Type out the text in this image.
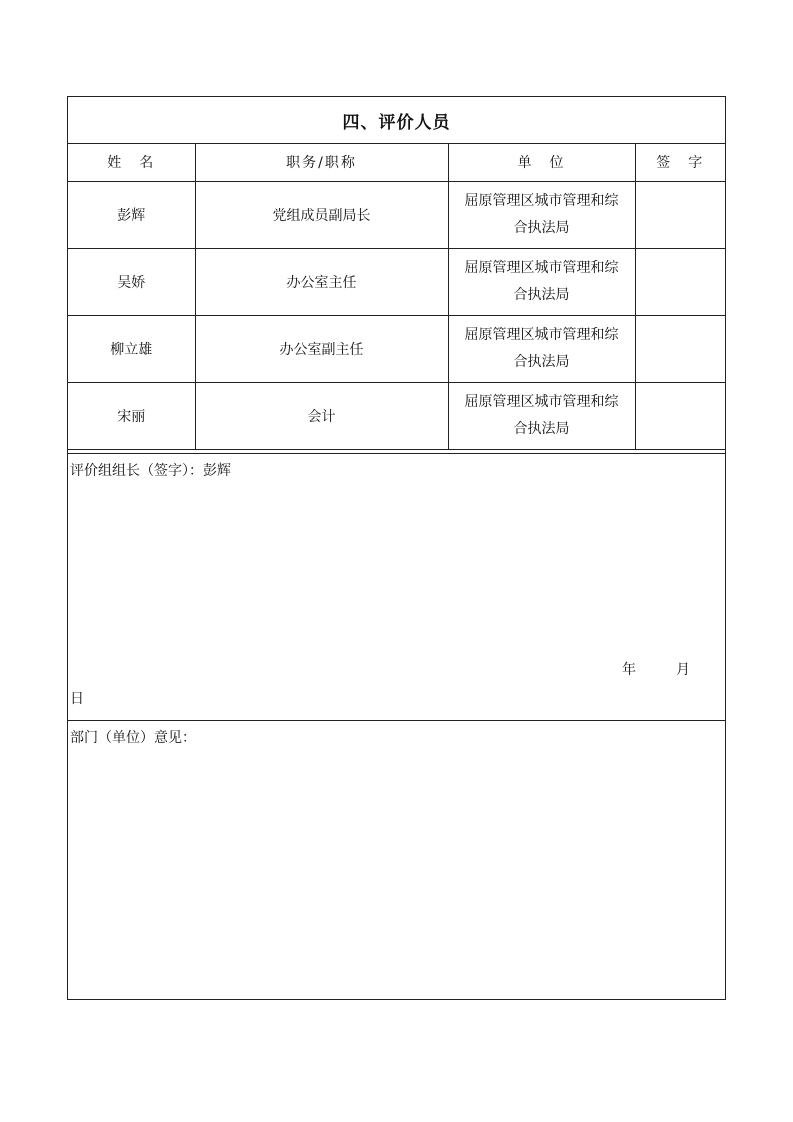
四、评价人员
姓　名	职务/职称	单　位	签　字
彭辉	党组成员副局长	屈原管理区城市管理和综
合执法局	

吴娇	办公室主任	屈原管理区城市管理和综
合执法局	

柳立雄	办公室副主任	屈原管理区城市管理和综
合执法局	

宋丽	会计	屈原管理区城市管理和综
合执法局	

评价组组长（签字）：彭辉
年	月
日
部门（单位）意见：
